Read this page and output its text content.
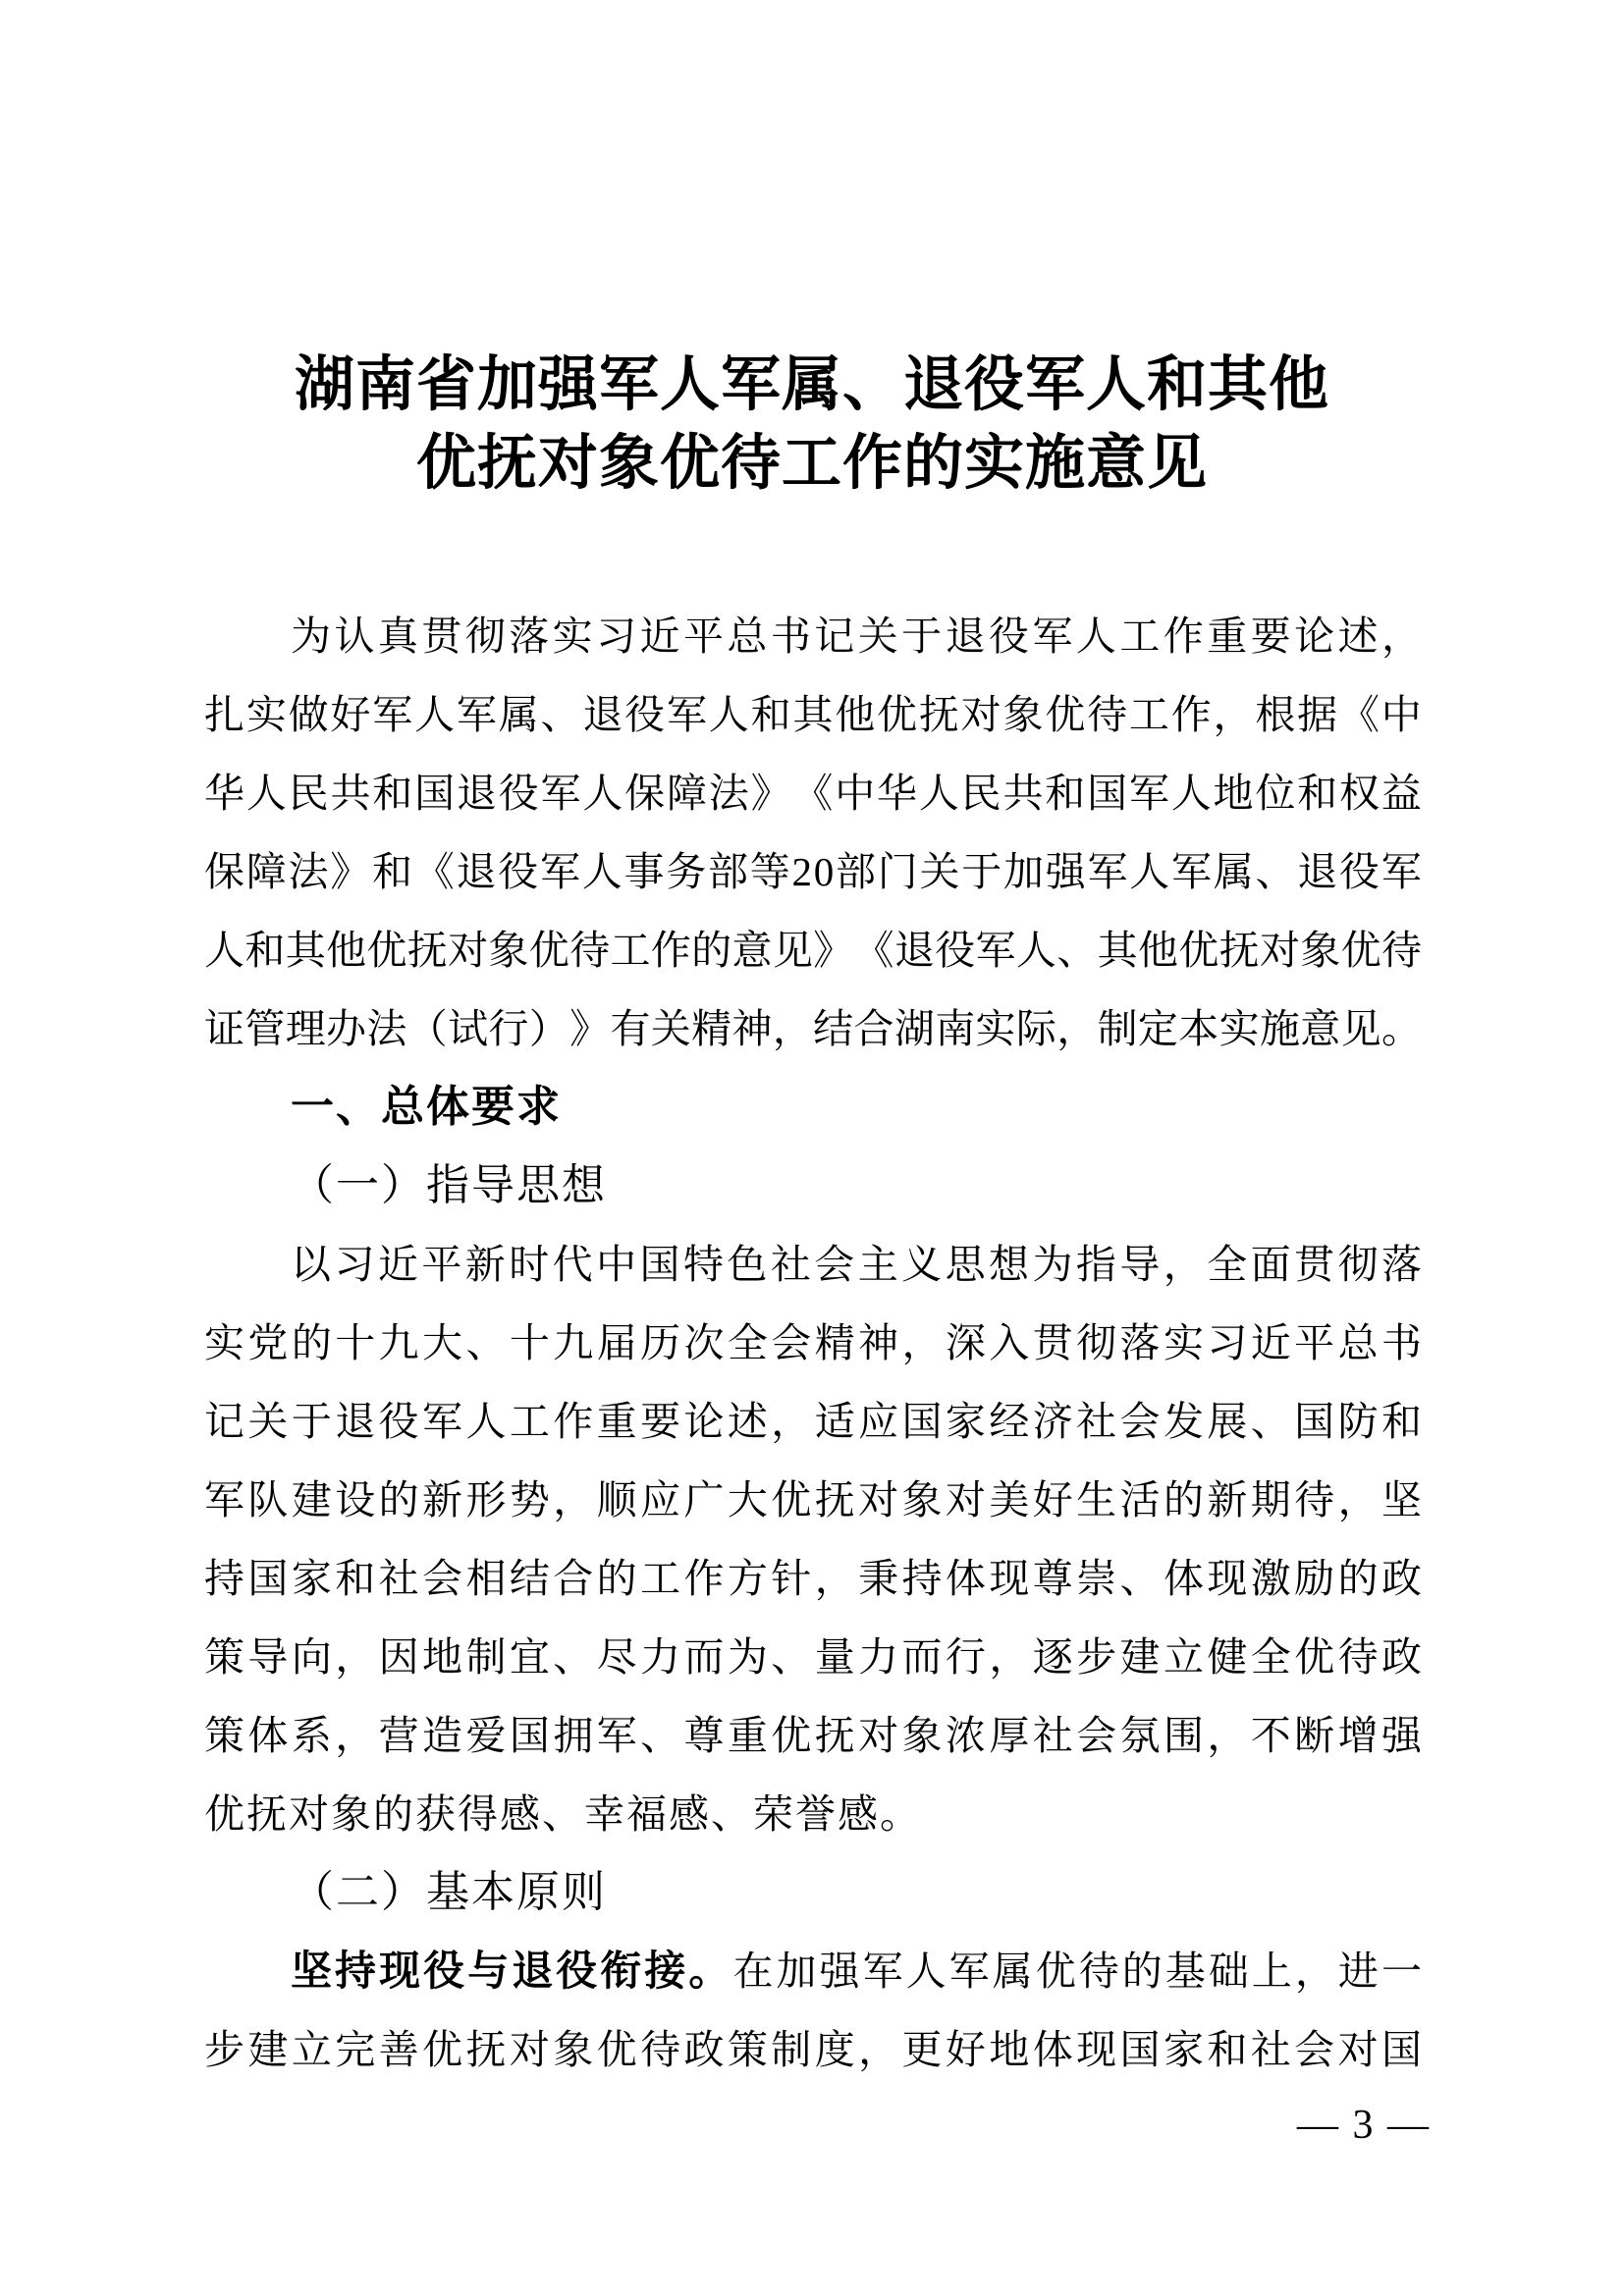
湖南省加强军人军属、退役军人和其他
优抚对象优待工作的实施意见
为 认 真 贯 彻 落 实 习 近 平 总 书 记 关 于 退 役 军 人 工 作 重 要 论 述 ，
扎 实 做 好 军 人 军 属 、 退 役 军 人 和 其 他 优 抚 对 象 优 待 工 作 ， 根 据 《 中
华 人 民 共 和 国 退 役 军 人 保 障 法 》 《 中 华 人 民 共 和 国 军 人 地 位 和 权 益
保 障 法 》 和 《 退 役 军 人 事 务 部 等 2 0 部 门 关 于 加 强 军 人 军 属 、 退 役 军
人 和 其 他 优 抚 对 象 优 待 工 作 的 意 见 》 《 退 役 军 人 、 其 他 优 抚 对 象 优 待
证 管 理 办 法 （ 试 行 ） 》 有 关 精 神 ， 结 合 湖 南 实 际 ， 制 定 本 实 施 意 见 。
一、总体要求
（一）指导思想
以 习 近 平 新 时 代 中 国 特 色 社 会 主 义 思 想 为 指 导 ， 全 面 贯 彻 落
实 党 的 十 九 大 、 十 九 届 历 次 全 会 精 神 ， 深 入 贯 彻 落 实 习 近 平 总 书
记 关 于 退 役 军 人 工 作 重 要 论 述 ， 适 应 国 家 经 济 社 会 发 展 、 国 防 和
军 队 建 设 的 新 形 势 ， 顺 应 广 大 优 抚 对 象 对 美 好 生 活 的 新 期 待 ， 坚
持 国 家 和 社 会 相 结 合 的 工 作 方 针 ， 秉 持 体 现 尊 崇 、 体 现 激 励 的 政
策 导 向 ， 因 地 制 宜 、 尽 力 而 为 、 量 力 而 行 ， 逐 步 建 立 健 全 优 待 政
策 体 系 ， 营 造 爱 国 拥 军 、 尊 重 优 抚 对 象 浓 厚 社 会 氛 围 ， 不 断 增 强
优抚对象的获得感、幸福感、荣誉感。
（二）基本原则
坚 持 现 役 与 退 役 衔 接 。 在 加 强 军 人 军 属 优 待 的 基 础 上 ， 进 一
步 建 立 完 善 优 抚 对 象 优 待 政 策 制 度 ， 更 好 地 体 现 国 家 和 社 会 对 国
— 3 —
